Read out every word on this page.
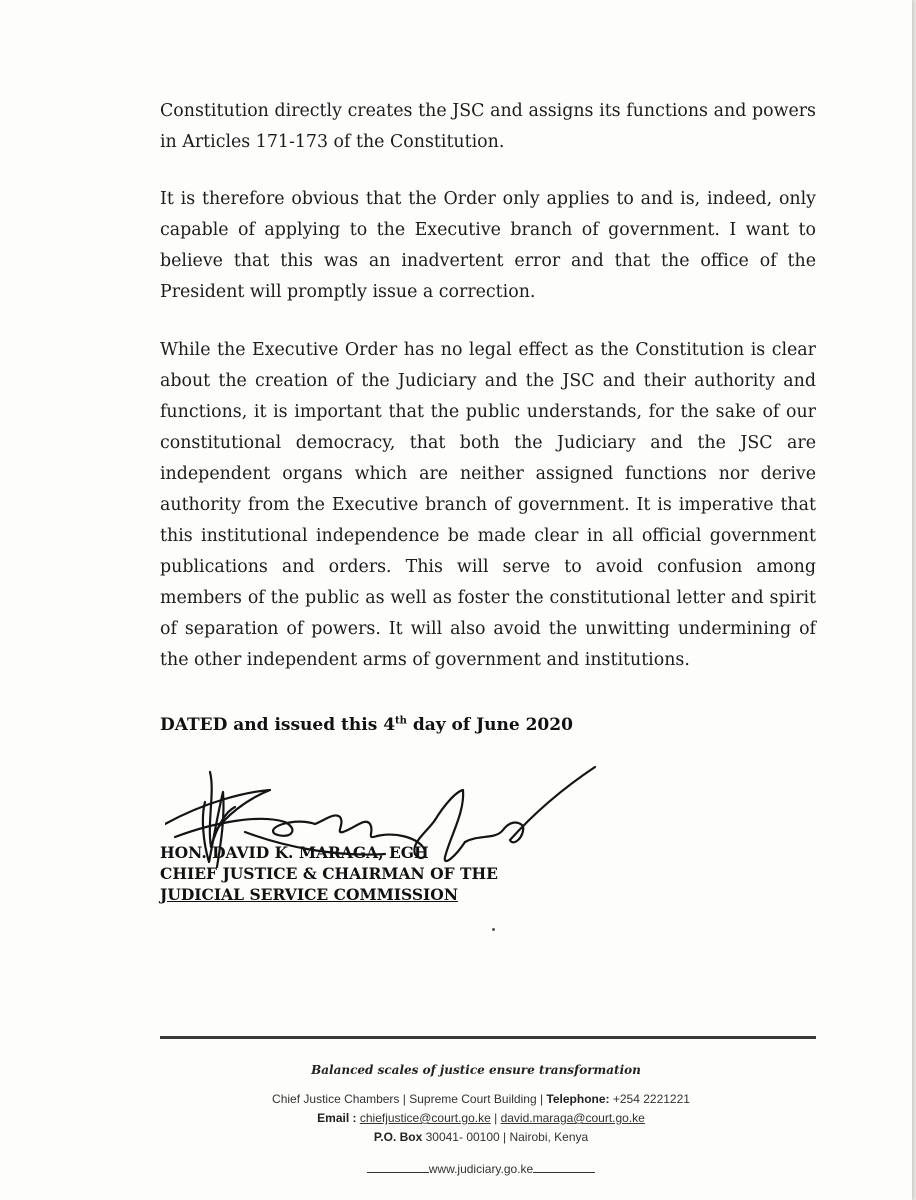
Constitution directly creates the JSC and assigns its functions and powers in Articles 171-173 of the Constitution.

It is therefore obvious that the Order only applies to and is, indeed, only capable of applying to the Executive branch of government. I want to believe that this was an inadvertent error and that the office of the President will promptly issue a correction.

While the Executive Order has no legal effect as the Constitution is clear about the creation of the Judiciary and the JSC and their authority and functions, it is important that the public understands, for the sake of our constitutional democracy, that both the Judiciary and the JSC are independent organs which are neither assigned functions nor derive authority from the Executive branch of government. It is imperative that this institutional independence be made clear in all official government publications and orders. This will serve to avoid confusion among members of the public as well as foster the constitutional letter and spirit of separation of powers. It will also avoid the unwitting undermining of the other independent arms of government and institutions.

DATED and issued this 4th day of June 2020

HON. DAVID K. MARAGA, EGH
CHIEF JUSTICE & CHAIRMAN OF THE
JUDICIAL SERVICE COMMISSION
Balanced scales of justice ensure transformation
Chief Justice Chambers | Supreme Court Building | Telephone: +254 2221221
Email : chiefjustice@court.go.ke | david.maraga@court.go.ke
P.O. Box 30041- 00100 | Nairobi, Kenya
www.judiciary.go.ke
